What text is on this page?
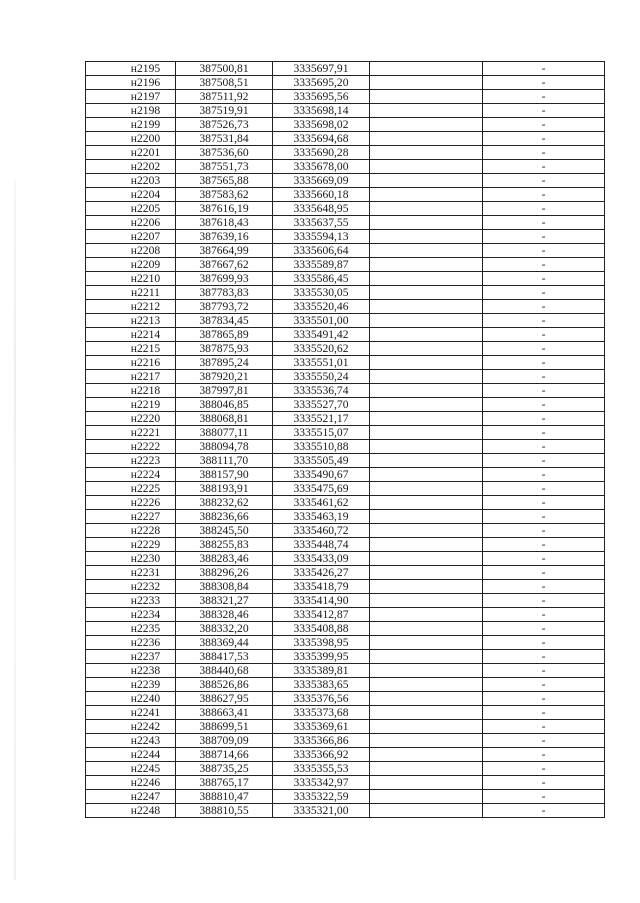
н2195	387500,81	3335697,91		-
н2196	387508,51	3335695,20		-
н2197	387511,92	3335695,56		-
н2198	387519,91	3335698,14		-
н2199	387526,73	3335698,02		-
н2200	387531,84	3335694,68		-
н2201	387536,60	3335690,28		-
н2202	387551,73	3335678,00		-
н2203	387565,88	3335669,09		-
н2204	387583,62	3335660,18		-
н2205	387616,19	3335648,95		-
н2206	387618,43	3335637,55		-
н2207	387639,16	3335594,13		-
н2208	387664,99	3335606,64		-
н2209	387667,62	3335589,87		-
н2210	387699,93	3335586,45		-
н2211	387783,83	3335530,05		-
н2212	387793,72	3335520,46		-
н2213	387834,45	3335501,00		-
н2214	387865,89	3335491,42		-
н2215	387875,93	3335520,62		-
н2216	387895,24	3335551,01		-
н2217	387920,21	3335550,24		-
н2218	387997,81	3335536,74		-
н2219	388046,85	3335527,70		-
н2220	388068,81	3335521,17		-
н2221	388077,11	3335515,07		-
н2222	388094,78	3335510,88		-
н2223	388111,70	3335505,49		-
н2224	388157,90	3335490,67		-
н2225	388193,91	3335475,69		-
н2226	388232,62	3335461,62		-
н2227	388236,66	3335463,19		-
н2228	388245,50	3335460,72		-
н2229	388255,83	3335448,74		-
н2230	388283,46	3335433,09		-
н2231	388296,26	3335426,27		-
н2232	388308,84	3335418,79		-
н2233	388321,27	3335414,90		-
н2234	388328,46	3335412,87		-
н2235	388332,20	3335408,88		-
н2236	388369,44	3335398,95		-
н2237	388417,53	3335399,95		-
н2238	388440,68	3335389,81		-
н2239	388526,86	3335383,65		-
н2240	388627,95	3335376,56		-
н2241	388663,41	3335373,68		-
н2242	388699,51	3335369,61		-
н2243	388709,09	3335366,86		-
н2244	388714,66	3335366,92		-
н2245	388735,25	3335355,53		-
н2246	388765,17	3335342,97		-
н2247	388810,47	3335322,59		-
н2248	388810,55	3335321,00		-
